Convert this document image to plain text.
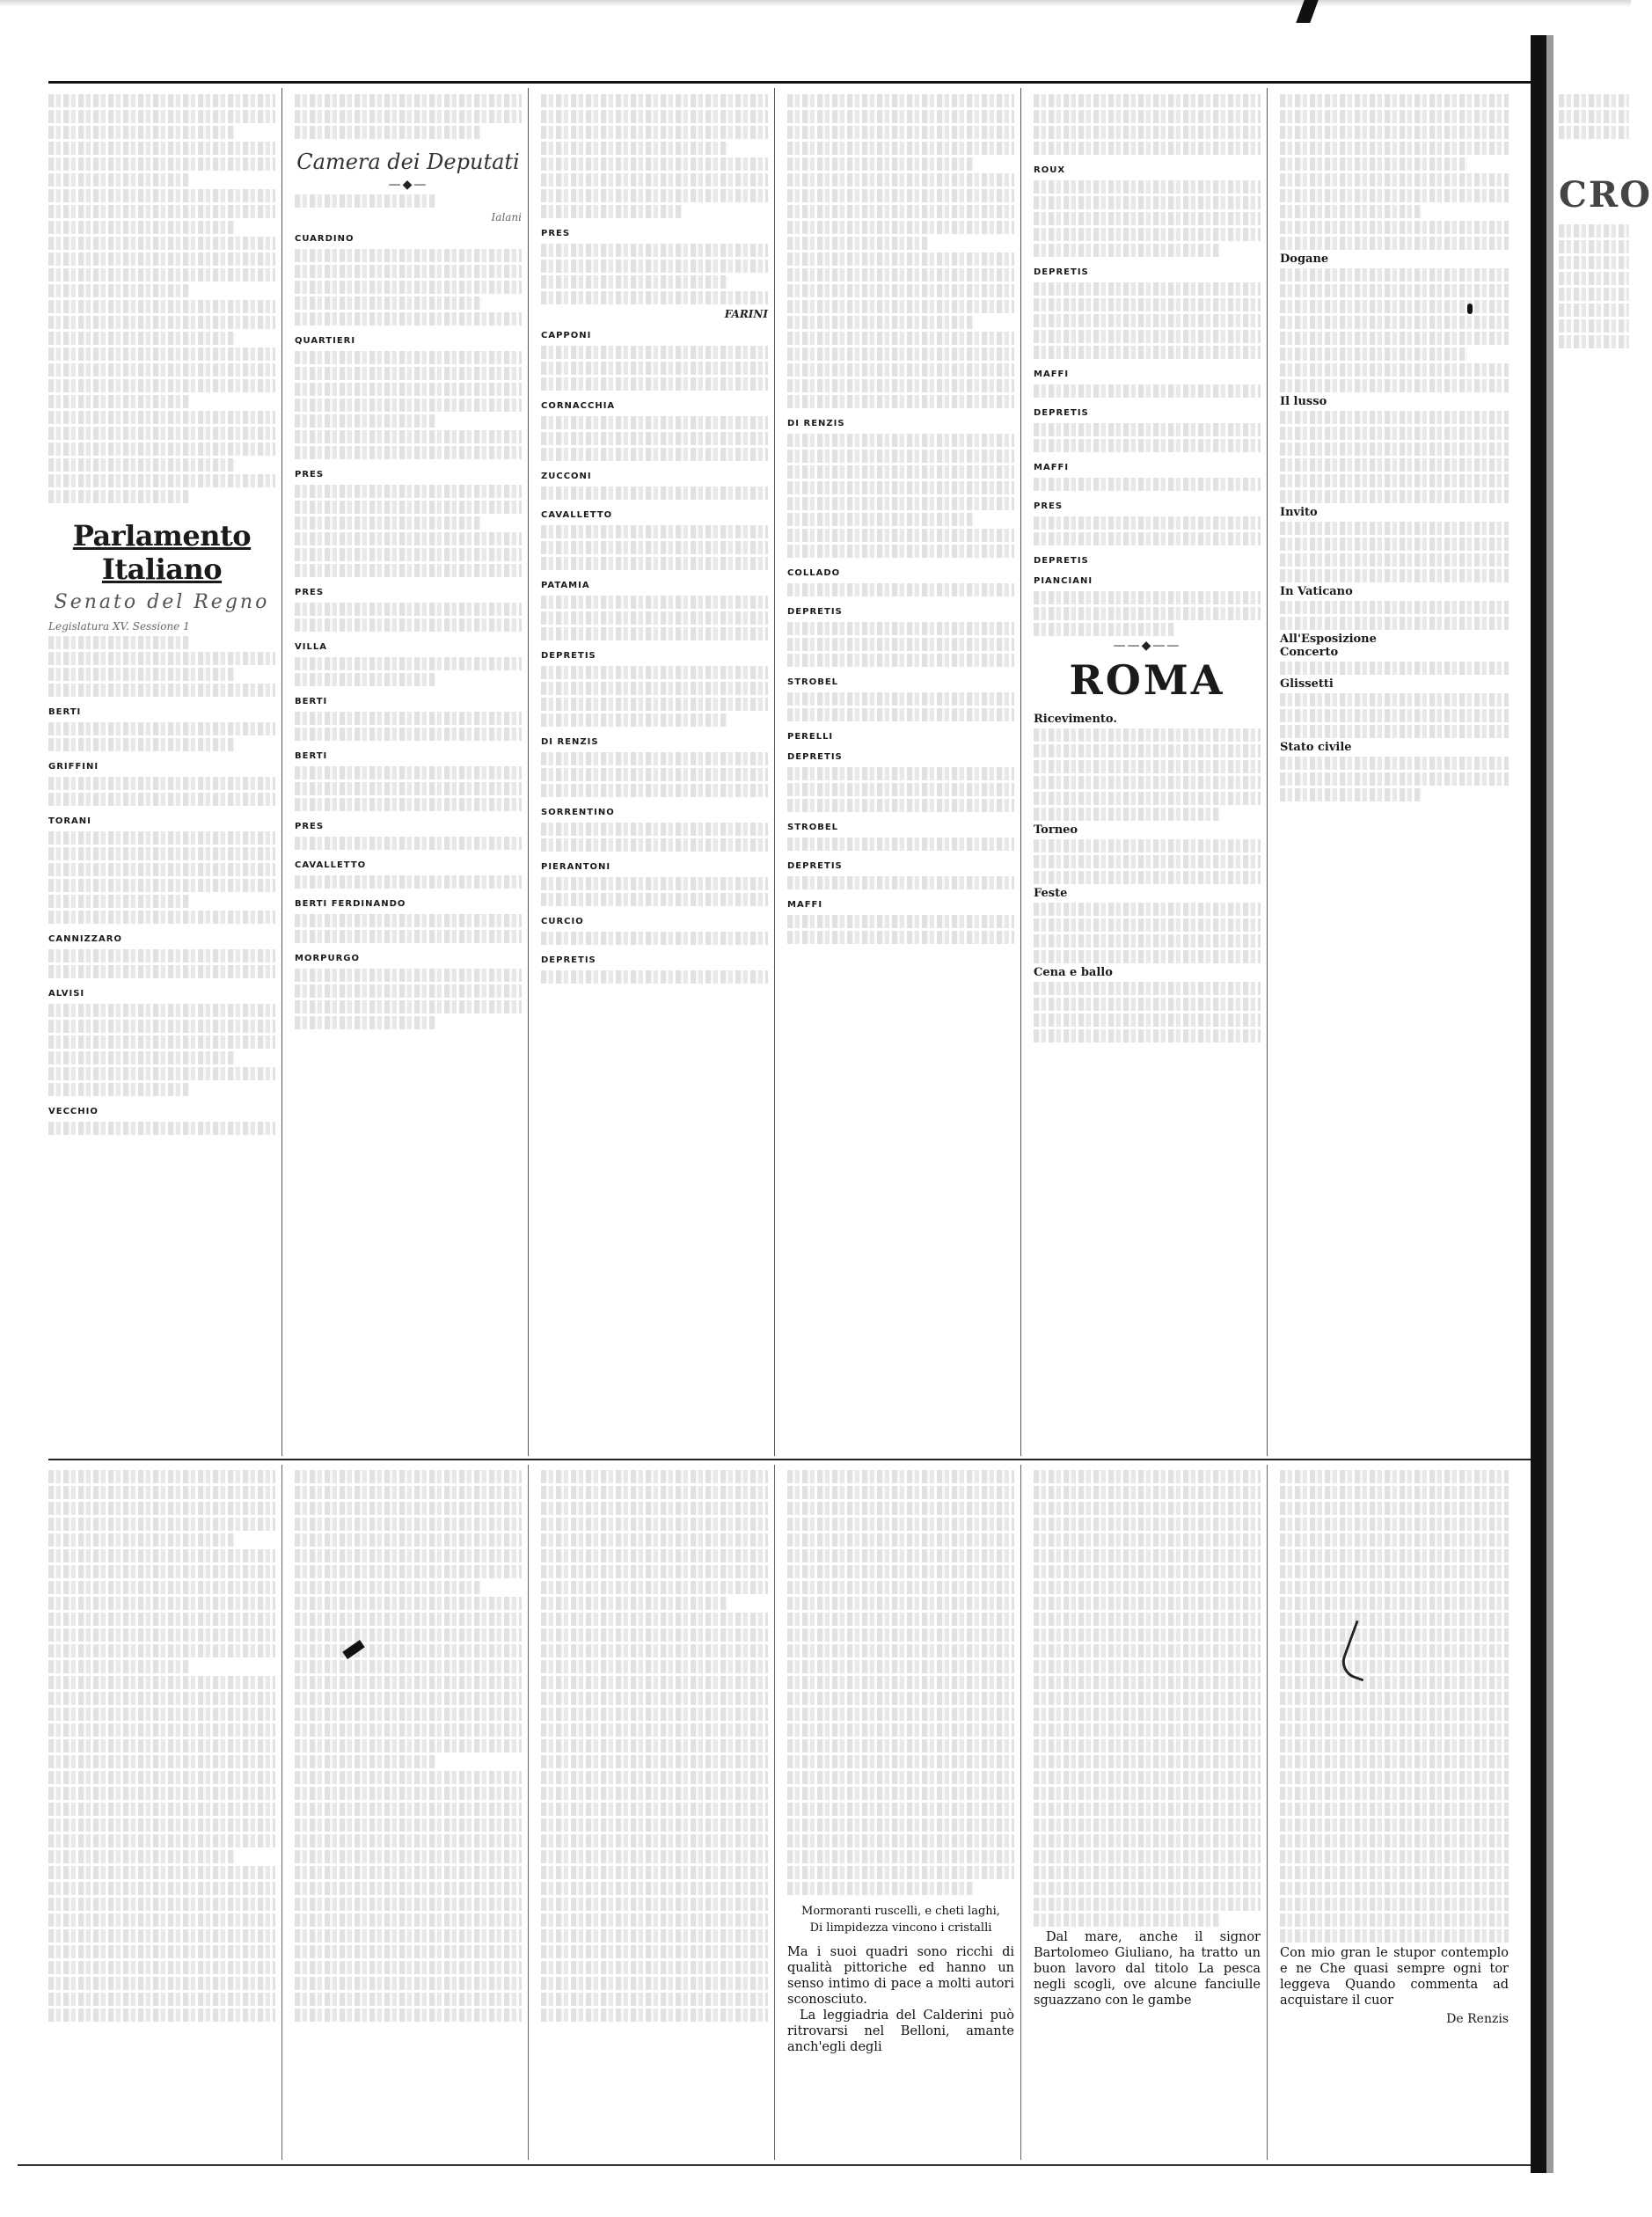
Parlamento Italiano
Senato del Regno
Legislatura XV. Sessione 1
BERTI
GRIFFINI
TORANI
CANNIZZARO
ALVISI
VECCHIO
Camera dei Deputati
—◆—
Ialani
CUARDINO
QUARTIERI
PRES
PRES
VILLA
BERTI
BERTI
PRES
CAVALLETTO
BERTI FERDINANDO
MORPURGO
PRES
FARINI
CAPPONI
CORNACCHIA
ZUCCONI
CAVALLETTO
PATAMIA
DEPRETIS
DI RENZIS
SORRENTINO
PIERANTONI
CURCIO
DEPRETIS
DI RENZIS
COLLADO
DEPRETIS
STROBEL
PERELLI
DEPRETIS
STROBEL
DEPRETIS
MAFFI
ROUX
DEPRETIS
MAFFI
DEPRETIS
MAFFI
PRES
DEPRETIS
PIANCIANI
——◆——
ROMA
Ricevimento.
Torneo
Feste
Cena e ballo
Dogane
Il lusso
Invito
In Vaticano
All'Esposizione
Concerto
Glissetti
Stato civile
CRO
Mormoranti ruscelli, e cheti laghi,
Di limpidezza vincono i cristalli

Ma i suoi quadri sono ricchi di qualità pittoriche ed hanno un senso intimo di pace a molti autori sconosciuto.

La leggiadria del Calderini può ritrovarsi nel Belloni, amante anch'egli degli

Dal mare, anche il signor Bartolomeo Giuliano, ha tratto un buon lavoro dal titolo La pesca negli scogli, ove alcune fanciulle sguazzano con le gambe

Con mio gran le stupor contemplo e ne Che quasi sempre ogni tor leggeva Quando commenta ad acquistare il cuor

De Renzis
